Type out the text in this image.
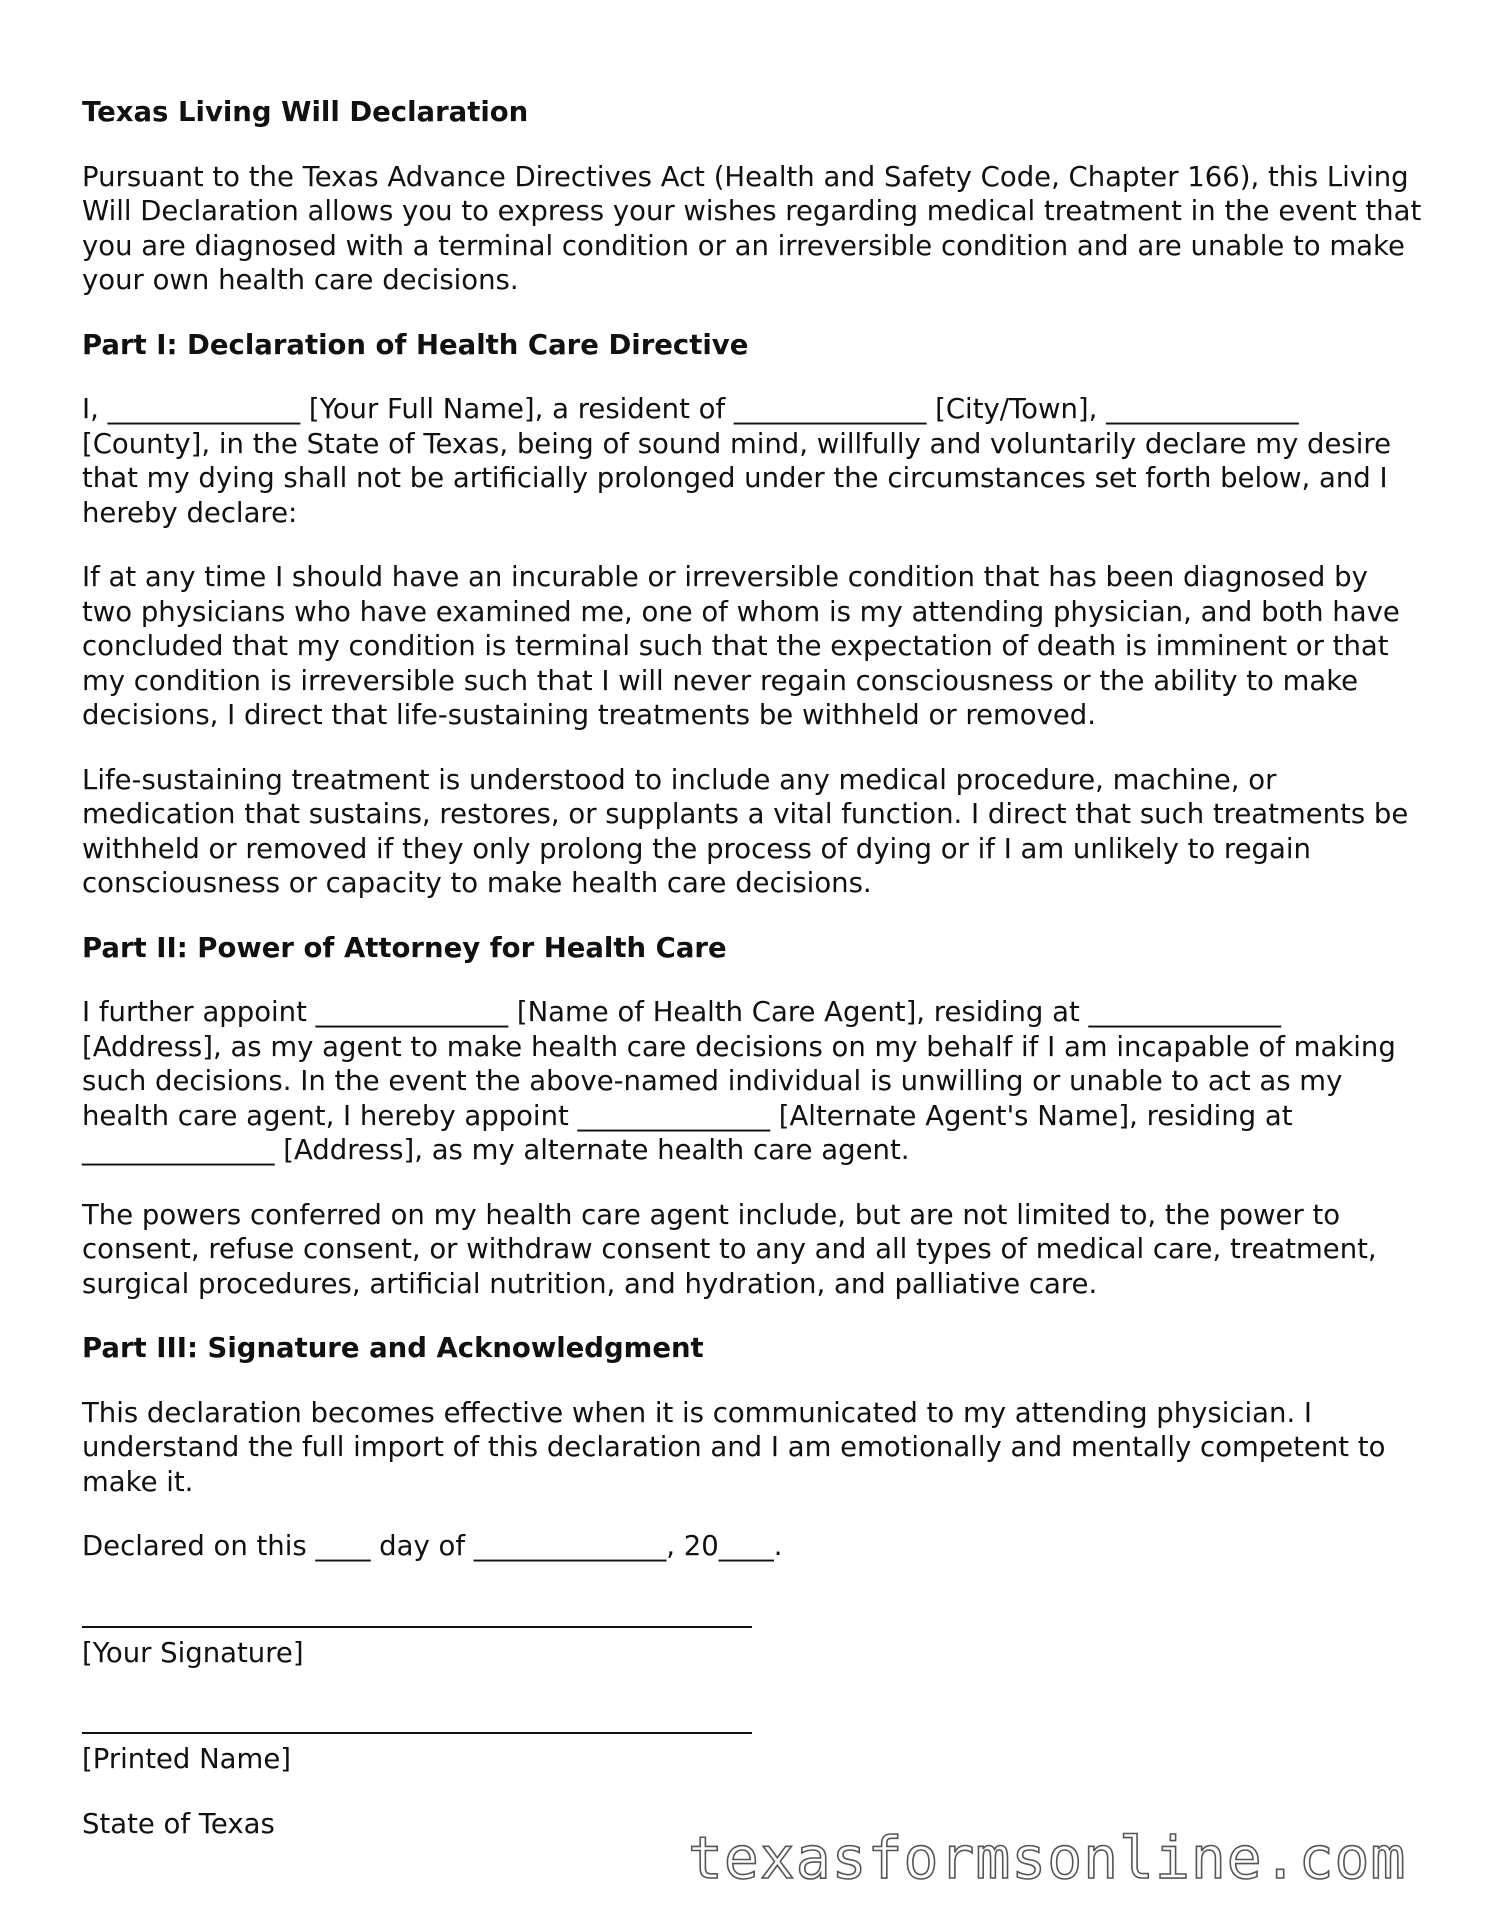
Texas Living Will Declaration
Pursuant to the Texas Advance Directives Act (Health and Safety Code, Chapter 166), this Living Will Declaration allows you to express your wishes regarding medical treatment in the event that you are diagnosed with a terminal condition or an irreversible condition and are unable to make your own health care decisions.
Part I: Declaration of Health Care Directive
I, ______________ [Your Full Name], a resident of ______________ [City/Town], ______________ [County], in the State of Texas, being of sound mind, willfully and voluntarily declare my desire that my dying shall not be artificially prolonged under the circumstances set forth below, and I hereby declare:
If at any time I should have an incurable or irreversible condition that has been diagnosed by two physicians who have examined me, one of whom is my attending physician, and both have concluded that my condition is terminal such that the expectation of death is imminent or that my condition is irreversible such that I will never regain consciousness or the ability to make decisions, I direct that life-sustaining treatments be withheld or removed.
Life-sustaining treatment is understood to include any medical procedure, machine, or medication that sustains, restores, or supplants a vital function. I direct that such treatments be withheld or removed if they only prolong the process of dying or if I am unlikely to regain consciousness or capacity to make health care decisions.
Part II: Power of Attorney for Health Care
I further appoint ______________ [Name of Health Care Agent], residing at ______________ [Address], as my agent to make health care decisions on my behalf if I am incapable of making such decisions. In the event the above-named individual is unwilling or unable to act as my health care agent, I hereby appoint ______________ [Alternate Agent's Name], residing at ______________ [Address], as my alternate health care agent.
The powers conferred on my health care agent include, but are not limited to, the power to consent, refuse consent, or withdraw consent to any and all types of medical care, treatment, surgical procedures, artificial nutrition, and hydration, and palliative care.
Part III: Signature and Acknowledgment
This declaration becomes effective when it is communicated to my attending physician. I understand the full import of this declaration and I am emotionally and mentally competent to make it.
Declared on this ____ day of ______________, 20____.
[Your Signature]
[Printed Name]
State of Texas
texasformsonline.com
